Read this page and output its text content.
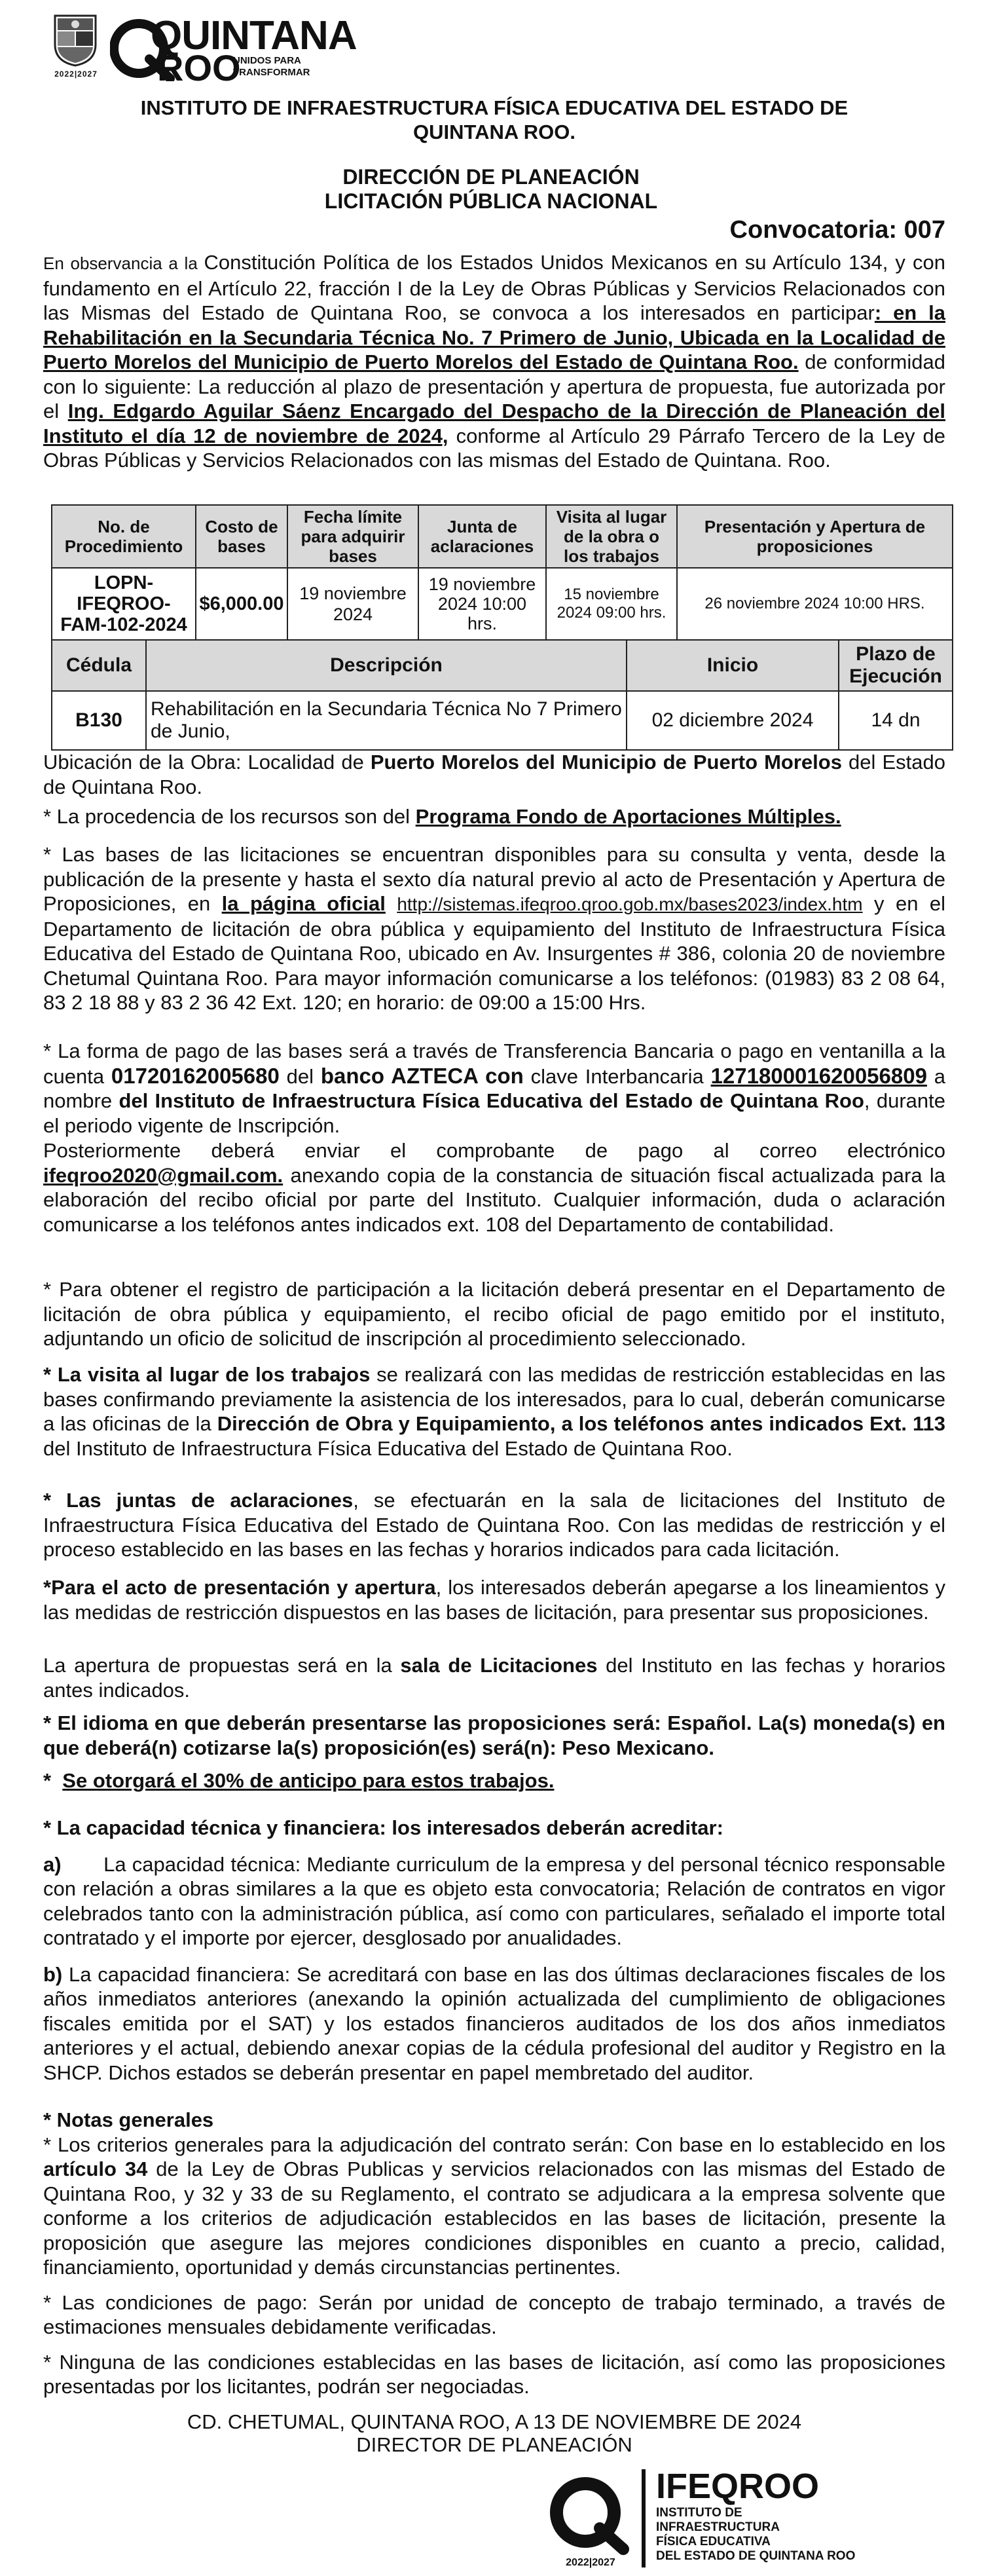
2022|2027
QUINTANA
ROO
UNIDOS PARA TRANSFORMAR
INSTITUTO DE INFRAESTRUCTURA FÍSICA EDUCATIVA DEL ESTADO DE QUINTANA ROO.
DIRECCIÓN DE PLANEACIÓN
LICITACIÓN PÚBLICA NACIONAL
Convocatoria: 007

En observancia a la Constitución Política de los Estados Unidos Mexicanos en su Artículo 134, y con fundamento en el Artículo 22, fracción I de la Ley de Obras Públicas y Servicios Relacionados con las Mismas del Estado de Quintana Roo, se convoca a los interesados en participar: en la Rehabilitación en la Secundaria Técnica No. 7 Primero de Junio, Ubicada en la Localidad de Puerto Morelos del Municipio de Puerto Morelos del Estado de Quintana Roo. de conformidad con lo siguiente: La reducción al plazo de presentación y apertura de propuesta, fue autorizada por el Ing. Edgardo Aguilar Sáenz Encargado del Despacho de la Dirección de Planeación del Instituto el día 12 de noviembre de 2024, conforme al Artículo 29 Párrafo Tercero de la Ley de Obras Públicas y Servicios Relacionados con las mismas del Estado de Quintana. Roo.

No. de Procedimiento	Costo de bases	Fecha límite para adquirir bases	Junta de aclaraciones	Visita al lugar de la obra o los trabajos	Presentación y Apertura de proposiciones
LOPN-IFEQROO-FAM-102-2024	$6,000.00	19 noviembre 2024	19 noviembre 2024 10:00 hrs.	15 noviembre 2024 09:00 hrs.	26 noviembre 2024 10:00 HRS.
Cédula	Descripción	Inicio	Plazo de Ejecución
B130	Rehabilitación en la Secundaria Técnica No 7 Primero de Junio,	02 diciembre 2024	14 dn

Ubicación de la Obra: Localidad de Puerto Morelos del Municipio de Puerto Morelos del Estado de Quintana Roo.

* La procedencia de los recursos son del Programa Fondo de Aportaciones Múltiples.

* Las bases de las licitaciones se encuentran disponibles para su consulta y venta, desde la publicación de la presente y hasta el sexto día natural previo al acto de Presentación y Apertura de Proposiciones, en la página oficial http://sistemas.ifeqroo.qroo.gob.mx/bases2023/index.htm y en el Departamento de licitación de obra pública y equipamiento del Instituto de Infraestructura Física Educativa del Estado de Quintana Roo, ubicado en Av. Insurgentes # 386, colonia 20 de noviembre Chetumal Quintana Roo. Para mayor información comunicarse a los teléfonos: (01983) 83 2 08 64, 83 2 18 88 y 83 2 36 42 Ext. 120; en horario: de 09:00 a 15:00 Hrs.

* La forma de pago de las bases será a través de Transferencia Bancaria o pago en ventanilla a la cuenta 01720162005680 del banco AZTECA con clave Interbancaria 127180001620056809 a nombre del Instituto de Infraestructura Física Educativa del Estado de Quintana Roo, durante el periodo vigente de Inscripción.

Posteriormente deberá enviar el comprobante de pago al correo electrónico ifeqroo2020@gmail.com. anexando copia de la constancia de situación fiscal actualizada para la elaboración del recibo oficial por parte del Instituto. Cualquier información, duda o aclaración comunicarse a los teléfonos antes indicados ext. 108 del Departamento de contabilidad.

* Para obtener el registro de participación a la licitación deberá presentar en el Departamento de licitación de obra pública y equipamiento, el recibo oficial de pago emitido por el instituto, adjuntando un oficio de solicitud de inscripción al procedimiento seleccionado.

* La visita al lugar de los trabajos se realizará con las medidas de restricción establecidas en las bases confirmando previamente la asistencia de los interesados, para lo cual, deberán comunicarse a las oficinas de la Dirección de Obra y Equipamiento, a los teléfonos antes indicados Ext. 113 del Instituto de Infraestructura Física Educativa del Estado de Quintana Roo.

* Las juntas de aclaraciones, se efectuarán en la sala de licitaciones del Instituto de Infraestructura Física Educativa del Estado de Quintana Roo. Con las medidas de restricción y el proceso establecido en las bases en las fechas y horarios indicados para cada licitación.

*Para el acto de presentación y apertura, los interesados deberán apegarse a los lineamientos y las medidas de restricción dispuestos en las bases de licitación, para presentar sus proposiciones.

La apertura de propuestas será en la sala de Licitaciones del Instituto en las fechas y horarios antes indicados.

* El idioma en que deberán presentarse las proposiciones será: Español. La(s) moneda(s) en que deberá(n) cotizarse la(s) proposición(es) será(n): Peso Mexicano.

*  Se otorgará el 30% de anticipo para estos trabajos.

* La capacidad técnica y financiera: los interesados deberán acreditar:

a) La capacidad técnica: Mediante curriculum de la empresa y del personal técnico responsable con relación a obras similares a la que es objeto esta convocatoria; Relación de contratos en vigor celebrados tanto con la administración pública, así como con particulares, señalado el importe total contratado y el importe por ejercer, desglosado por anualidades.

b) La capacidad financiera: Se acreditará con base en las dos últimas declaraciones fiscales de los años inmediatos anteriores (anexando la opinión actualizada del cumplimiento de obligaciones fiscales emitida por el SAT) y los estados financieros auditados de los dos años inmediatos anteriores y el actual, debiendo anexar copias de la cédula profesional del auditor y Registro en la SHCP. Dichos estados se deberán presentar en papel membretado del auditor.

* Notas generales

* Los criterios generales para la adjudicación del contrato serán: Con base en lo establecido en los artículo 34 de la Ley de Obras Publicas y servicios relacionados con las mismas del Estado de Quintana Roo, y 32 y 33 de su Reglamento, el contrato se adjudicara a la empresa solvente que conforme a los criterios de adjudicación establecidos en las bases de licitación, presente la proposición que asegure las mejores condiciones disponibles en cuanto a precio, calidad, financiamiento, oportunidad y demás circunstancias pertinentes.

* Las condiciones de pago: Serán por unidad de concepto de trabajo terminado, a través de estimaciones mensuales debidamente verificadas.

* Ninguna de las condiciones establecidas en las bases de licitación, así como las proposiciones presentadas por los licitantes, podrán ser negociadas.

CD. CHETUMAL, QUINTANA ROO, A 13 DE NOVIEMBRE DE 2024
DIRECTOR DE PLANEACIÓN
2022|2027
IFEQROO
INSTITUTO DE
INFRAESTRUCTURA
FÍSICA EDUCATIVA
DEL ESTADO DE QUINTANA ROO
